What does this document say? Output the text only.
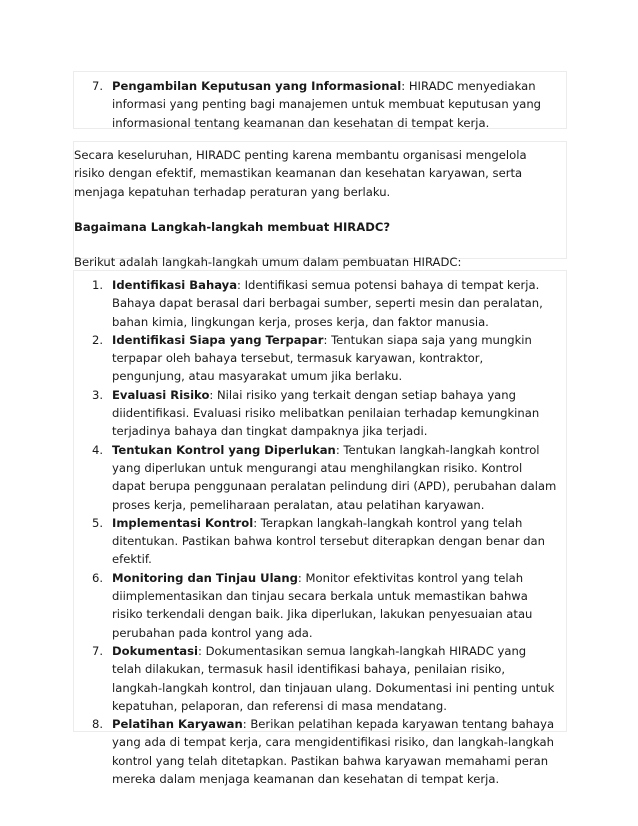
7. Pengambilan Keputusan yang Informasional: HIRADC menyediakan informasi yang penting bagi manajemen untuk membuat keputusan yang informasional tentang keamanan dan kesehatan di tempat kerja.

Secara keseluruhan, HIRADC penting karena membantu organisasi mengelola risiko dengan efektif, memastikan keamanan dan kesehatan karyawan, serta menjaga kepatuhan terhadap peraturan yang berlaku.

Bagaimana Langkah-langkah membuat HIRADC?

Berikut adalah langkah-langkah umum dalam pembuatan HIRADC:

1. Identifikasi Bahaya: Identifikasi semua potensi bahaya di tempat kerja. Bahaya dapat berasal dari berbagai sumber, seperti mesin dan peralatan, bahan kimia, lingkungan kerja, proses kerja, dan faktor manusia.
2. Identifikasi Siapa yang Terpapar: Tentukan siapa saja yang mungkin terpapar oleh bahaya tersebut, termasuk karyawan, kontraktor, pengunjung, atau masyarakat umum jika berlaku.
3. Evaluasi Risiko: Nilai risiko yang terkait dengan setiap bahaya yang diidentifikasi. Evaluasi risiko melibatkan penilaian terhadap kemungkinan terjadinya bahaya dan tingkat dampaknya jika terjadi.
4. Tentukan Kontrol yang Diperlukan: Tentukan langkah-langkah kontrol yang diperlukan untuk mengurangi atau menghilangkan risiko. Kontrol dapat berupa penggunaan peralatan pelindung diri (APD), perubahan dalam proses kerja, pemeliharaan peralatan, atau pelatihan karyawan.
5. Implementasi Kontrol: Terapkan langkah-langkah kontrol yang telah ditentukan. Pastikan bahwa kontrol tersebut diterapkan dengan benar dan efektif.
6. Monitoring dan Tinjau Ulang: Monitor efektivitas kontrol yang telah diimplementasikan dan tinjau secara berkala untuk memastikan bahwa risiko terkendali dengan baik. Jika diperlukan, lakukan penyesuaian atau perubahan pada kontrol yang ada.
7. Dokumentasi: Dokumentasikan semua langkah-langkah HIRADC yang telah dilakukan, termasuk hasil identifikasi bahaya, penilaian risiko, langkah-langkah kontrol, dan tinjauan ulang. Dokumentasi ini penting untuk kepatuhan, pelaporan, dan referensi di masa mendatang.
8. Pelatihan Karyawan: Berikan pelatihan kepada karyawan tentang bahaya yang ada di tempat kerja, cara mengidentifikasi risiko, dan langkah-langkah kontrol yang telah ditetapkan. Pastikan bahwa karyawan memahami peran mereka dalam menjaga keamanan dan kesehatan di tempat kerja.
